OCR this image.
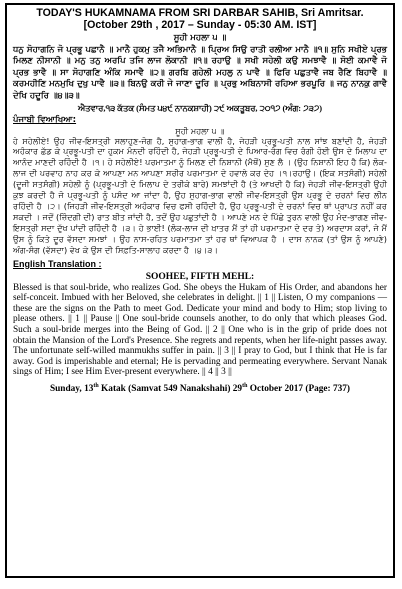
TODAY'S HUKAMNAMA FROM SRI DARBAR SAHIB, Sri Amritsar.
[October 29th , 2017 – Sunday - 05:30 AM. IST]
ਸੂਹੀ ਮਹਲਾ ੫ ॥

ਧਨੁ ਸੋਹਾਗਨਿ ਜੋ ਪ੍ਰਭੂ ਪਛਾਨੈ ॥ ਮਾਨੈ ਹੁਕਮੁ ਤਜੈ ਅਭਿਮਾਨੈ ॥ ਪ੍ਰਿਅ ਸਿਉ ਰਾਤੀ ਰਲੀਆ ਮਾਨੈ ॥੧॥ ਸੁਨਿ ਸਖੀਏ ਪ੍ਰਭ ਮਿਲਣ ਨੀਸਾਨੀ ॥ ਮਨੁ ਤਨੁ ਅਰਪਿ ਤਜਿ ਲਾਜ ਲੋਕਾਨੀ ॥੧॥ ਰਹਾਉ ॥ ਸਖੀ ਸਹੇਲੀ ਕਉ ਸਮਝਾਵੈ ॥ ਸੋਈ ਕਮਾਵੈ ਜੋ ਪ੍ਰਭ ਭਾਵੈ ॥ ਸਾ ਸੋਹਾਗਣਿ ਅੰਕਿ ਸਮਾਵੈ ॥੨॥ ਗਰਬਿ ਗਹੇਲੀ ਮਹਲੁ ਨ ਪਾਵੈ ॥ ਫਿਰਿ ਪਛੁਤਾਵੈ ਜਬ ਰੈਣਿ ਬਿਹਾਵੈ ॥ ਕਰਮਹੀਣਿ ਮਨਮੁਖਿ ਦੁਖੁ ਪਾਵੈ ॥੩॥ ਬਿਨਉ ਕਰੀ ਜੇ ਜਾਣਾ ਦੂਰਿ ॥ ਪ੍ਰਭੁ ਅਬਿਨਾਸੀ ਰਹਿਆ ਭਰਪੂਰਿ ॥ ਜਨੁ ਨਾਨਕੁ ਗਾਵੈ ਦੇਖਿ ਹਦੂਰਿ ॥੪॥੩॥

ਐਤਵਾਰ,੧੩ ਕੱਤਕ (ਸੰਮਤ ੫੪੯ ਨਾਨਕਸ਼ਾਹੀ) ੨੯ ਅਕਤੂਬਰ, ੨੦੧੭ (ਅੰਗ: ੭੩੭)
ਪੰਜਾਬੀ ਵਿਆਖਿਆ:
ਸੂਹੀ ਮਹਲਾ ੫ ॥

ਹੇ ਸਹੇਲੀਏ! ਉਹ ਜੀਵ-ਇਸਤ੍ਰੀ ਸਲਾਹੁਣ-ਜੋਗ ਹੈ, ਸੁਹਾਗ-ਭਾਗ ਵਾਲੀ ਹੈ, ਜੇਹੜੀ ਪ੍ਰਭੂ-ਪਤੀ ਨਾਲ ਸਾਂਝ ਬਣਾਂਦੀ ਹੈ, ਜੇਹੜੀ ਅਹੰਕਾਰ ਛੱਡ ਕੇ ਪ੍ਰਭੂ-ਪਤੀ ਦਾ ਹੁਕਮ ਮੰਨਦੀ ਰਹਿੰਦੀ ਹੈ, ਜੇਹੜੀ ਪ੍ਰਭੂ-ਪਤੀ ਦੇ ਪਿਆਰ-ਰੰਗ ਵਿਚ ਰੰਗੀ ਹੋਈ ਉਸ ਦੇ ਮਿਲਾਪ ਦਾ ਆਨੰਦ ਮਾਣਦੀ ਰਹਿੰਦੀ ਹੈ ।੧। ਹੇ ਸਹੇਲੀਏ! ਪਰਮਾਤਮਾ ਨੂੰ ਮਿਲਣ ਦੀ ਨਿਸ਼ਾਨੀ (ਮੈਥੋਂ) ਸੁਣ ਲੈ । (ਉਹ ਨਿਸ਼ਾਨੀ ਇਹ ਹੈ ਕਿ) ਲੋਕ-ਲਾਜ ਦੀ ਪਰਵਾਹ ਨਾਹ ਕਰ ਕੇ ਆਪਣਾ ਮਨ ਆਪਣਾ ਸਰੀਰ ਪਰਮਾਤਮਾ ਦੇ ਹਵਾਲੇ ਕਰ ਦੇਹ ।੧।ਰਹਾਉ। (ਇਕ ਸਤਸੰਗੀ) ਸਹੇਲੀ (ਦੂਜੀ ਸਤਸੰਗੀ) ਸਹੇਲੀ ਨੂੰ (ਪ੍ਰਭੂ-ਪਤੀ ਦੇ ਮਿਲਾਪ ਦੇ ਤਰੀਕੇ ਬਾਰੇ) ਸਮਝਾਂਦੀ ਹੈ (ਤੇ ਆਖਦੀ ਹੈ ਕਿ) ਜੇਹੜੀ ਜੀਵ-ਇਸਤ੍ਰੀ ਉਹੀ ਕੁਝ ਕਰਦੀ ਹੈ ਜੋ ਪ੍ਰਭੂ-ਪਤੀ ਨੂੰ ਪਸੰਦ ਆ ਜਾਂਦਾ ਹੈ, ਉਹ ਸੁਹਾਗ-ਭਾਗ ਵਾਲੀ ਜੀਵ-ਇਸਤ੍ਰੀ ਉਸ ਪ੍ਰਭੂ ਦੇ ਚਰਨਾਂ ਵਿਚ ਲੀਨ ਰਹਿੰਦੀ ਹੈ ।੨। (ਜਿਹੜੀ ਜੀਵ-ਇਸਤ੍ਰੀ ਅਹੰਕਾਰ ਵਿਚ ਫਸੀ ਰਹਿੰਦੀ ਹੈ, ਉਹ ਪ੍ਰਭੂ-ਪਤੀ ਦੇ ਚਰਨਾਂ ਵਿਚ ਥਾਂ ਪ੍ਰਾਪਤ ਨਹੀਂ ਕਰ ਸਕਦੀ । ਜਦੋਂ (ਜ਼ਿੰਦਗੀ ਦੀ) ਰਾਤ ਬੀਤ ਜਾਂਦੀ ਹੈ, ਤਦੋਂ ਉਹ ਪਛੁਤਾਂਦੀ ਹੈ । ਆਪਣੇ ਮਨ ਦੇ ਪਿੱਛੇ ਤੁਰਨ ਵਾਲੀ ਉਹ ਮੰਦ-ਭਾਗਣ ਜੀਵ-ਇਸਤ੍ਰੀ ਸਦਾ ਦੁੱਖ ਪਾਂਦੀ ਰਹਿੰਦੀ ਹੈ ।੩। ਹੇ ਭਾਈ! (ਲੋਕ-ਲਾਜ ਦੀ ਖ਼ਾਤਰ ਮੈਂ ਤਾਂ ਹੀ ਪਰਮਾਤਮਾ ਦੇ ਦਰ ਤੇ) ਅਰਦਾਸ ਕਰਾਂ, ਜੇ ਮੈਂ ਉਸ ਨੂੰ ਕਿਤੇ ਦੂਰ ਵੱਸਦਾ ਸਮਝਾਂ । ਉਹ ਨਾਸ-ਰਹਿਤ ਪਰਮਾਤਮਾ ਤਾਂ ਹਰ ਥਾਂ ਵਿਆਪਕ ਹੈ । ਦਾਸ ਨਾਨਕ (ਤਾਂ ਉਸ ਨੂੰ ਆਪਣੇ) ਅੰਗ-ਸੰਗ (ਵੱਸਦਾ) ਵੇਖ ਕੇ ਉਸ ਦੀ ਸਿਫ਼ਤਿ-ਸਾਲਾਹ ਕਰਦਾ ਹੈ ।੪।੩।

English Translation :
SOOHEE, FIFTH MEHL:

Blessed is that soul-bride, who realizes God. She obeys the Hukam of His Order, and abandons her self-conceit. Imbued with her Beloved, she celebrates in delight. || 1 || Listen, O my companions — these are the signs on the Path to meet God. Dedicate your mind and body to Him; stop living to please others. || 1 || Pause || One soul-bride counsels another, to do only that which pleases God. Such a soul-bride merges into the Being of God. || 2 || One who is in the grip of pride does not obtain the Mansion of the Lord's Presence. She regrets and repents, when her life-night passes away. The unfortunate self-willed manmukhs suffer in pain. || 3 || I pray to God, but I think that He is far away. God is imperishable and eternal; He is pervading and permeating everywhere. Servant Nanak sings of Him; I see Him Ever-present everywhere. || 4 || 3 ||

Sunday, 13th Katak (Samvat 549 Nanakshahi) 29th October 2017 (Page: 737)
